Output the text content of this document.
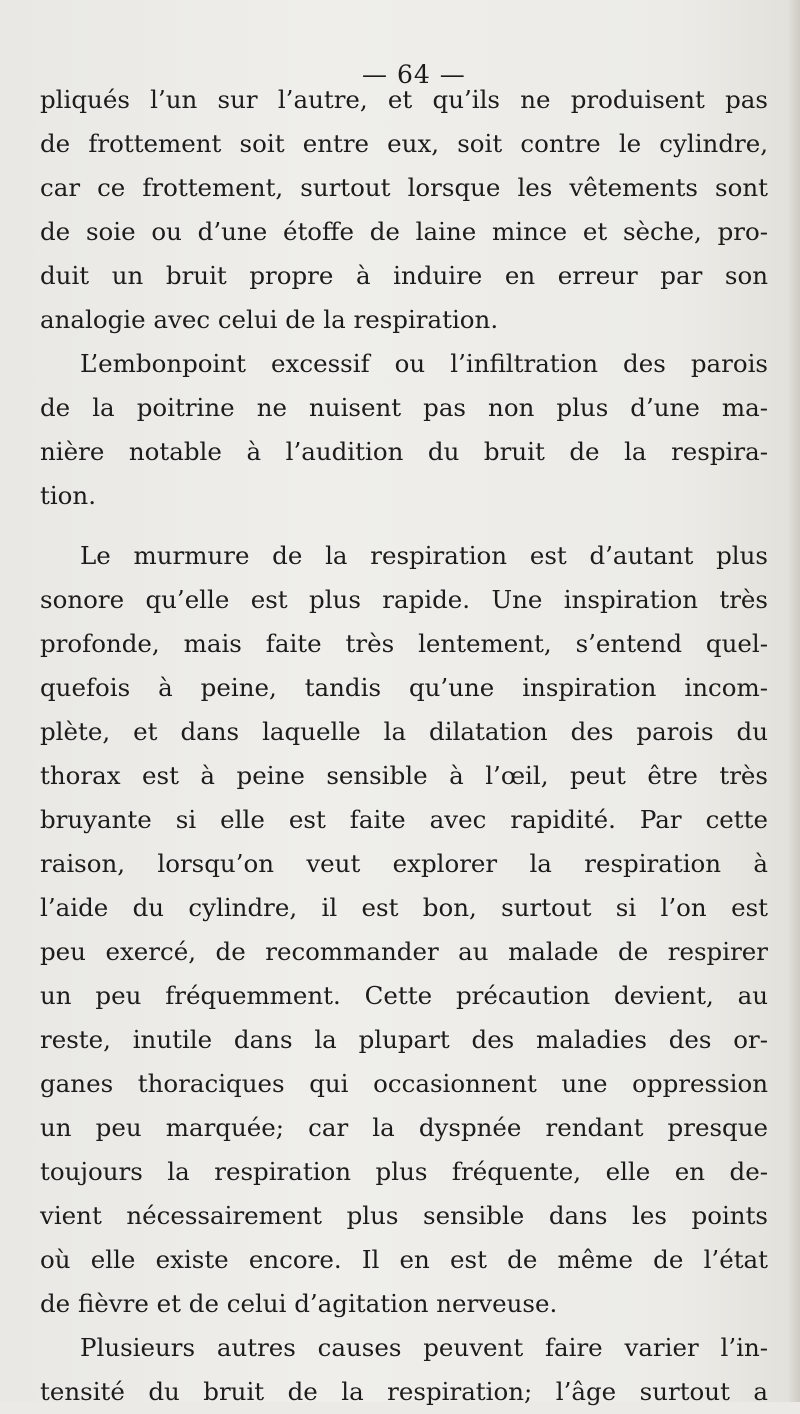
— 64 —
pliqués l’un sur l’autre, et qu’ils ne produisent pas
de frottement soit entre eux, soit contre le cylindre,
car ce frottement, surtout lorsque les vêtements sont
de soie ou d’une étoffe de laine mince et sèche, pro-
duit un bruit propre à induire en erreur par son
analogie avec celui de la respiration.
L’embonpoint excessif ou l’infiltration des parois
de la poitrine ne nuisent pas non plus d’une ma-
nière notable à l’audition du bruit de la respira-
tion.
Le murmure de la respiration est d’autant plus
sonore qu’elle est plus rapide. Une inspiration très
profonde, mais faite très lentement, s’entend quel-
quefois à peine, tandis qu’une inspiration incom-
plète, et dans laquelle la dilatation des parois du
thorax est à peine sensible à l’œil, peut être très
bruyante si elle est faite avec rapidité. Par cette
raison, lorsqu’on veut explorer la respiration à
l’aide du cylindre, il est bon, surtout si l’on est
peu exercé, de recommander au malade de respirer
un peu fréquemment. Cette précaution devient, au
reste, inutile dans la plupart des maladies des or-
ganes thoraciques qui occasionnent une oppression
un peu marquée; car la dyspnée rendant presque
toujours la respiration plus fréquente, elle en de-
vient nécessairement plus sensible dans les points
où elle existe encore. Il en est de même de l’état
de fièvre et de celui d’agitation nerveuse.
Plusieurs autres causes peuvent faire varier l’in-
tensité du bruit de la respiration; l’âge surtout a
